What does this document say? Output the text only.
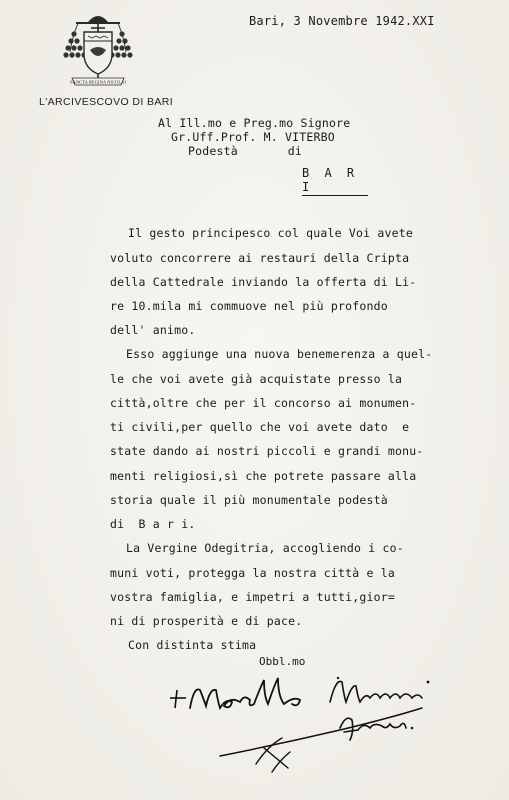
SANCTA REGINA NICOLAI
L'ARCIVESCOVO DI BARI
Bari, 3 Novembre 1942.XXI
Al Ill.mo e Preg.mo Signore
Gr.Uff.Prof. M. VITERBO
Podestà       di
B A R I
Il gesto principesco col quale Voi avete
voluto concorrere ai restauri della Cripta
della Cattedrale inviando la offerta di Li-
re 10.mila mi commuove nel più profondo
dell' animo.
Esso aggiunge una nuova benemerenza a quel-
le che voi avete già acquistate presso la
città,oltre che per il concorso ai monumen-
ti civili,per quello che voi avete dato  e
state dando ai nostri piccoli e grandi monu-
menti religiosi,sì che potrete passare alla
storia quale il più monumentale podestà
di  B a r i.
La Vergine Odegitria, accogliendo i co-
muni voti, protegga la nostra città e la
vostra famiglia, e impetri a tutti,gior=
ni di prosperità e di pace.
Con distinta stima
Obbl.mo
